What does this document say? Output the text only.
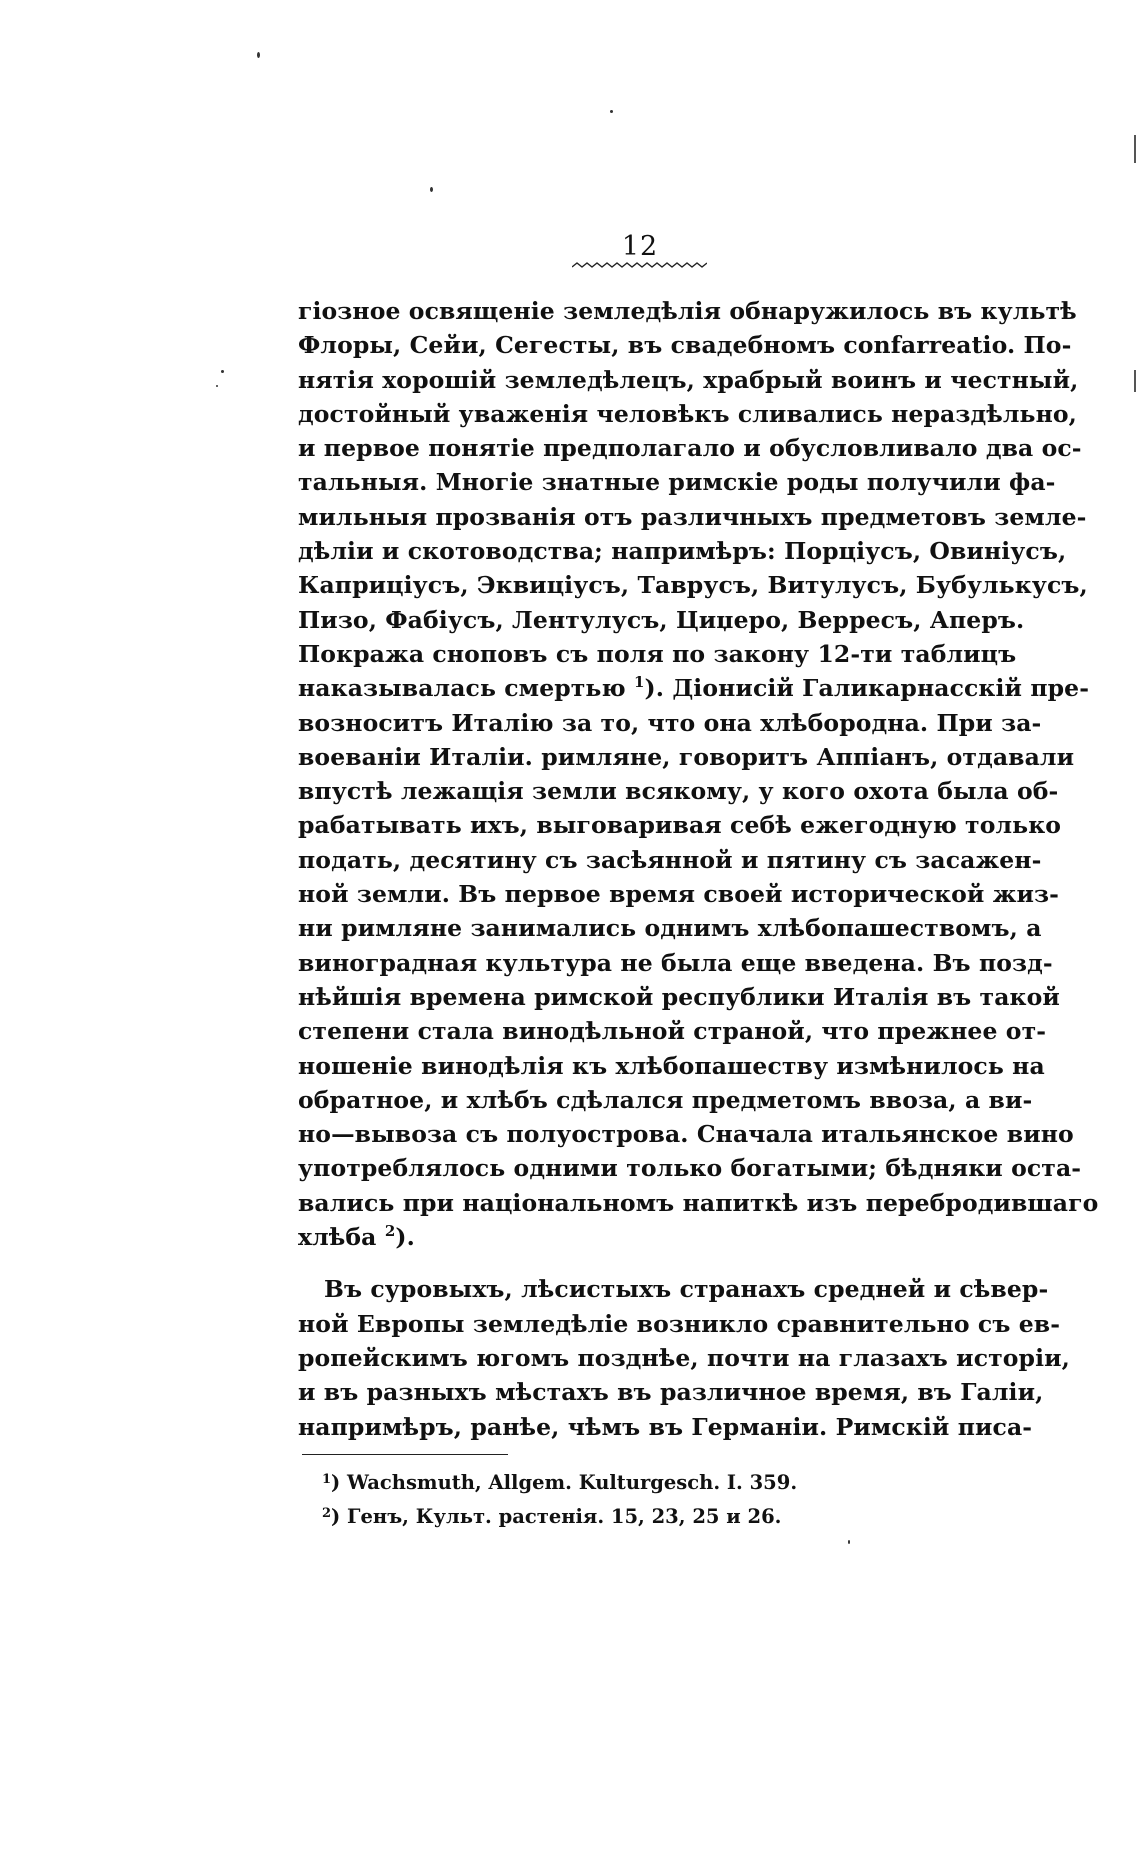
12
гiозное освященiе земледѣлiя обнаружилось въ культѣ
Флоры, Сейи, Сегесты, въ свадебномъ confarreatio. По-
нятiя хорошiй земледѣлецъ, храбрый воинъ и честный,
достойный уваженiя человѣкъ сливались нераздѣльно,
и первое понятiе предполагало и обусловливало два ос-
тальныя. Многiе знатные римскiе роды получили фа-
мильныя прозванiя отъ различныхъ предметовъ земле-
дѣлiи и скотоводства; напримѣръ: Порцiусъ, Овинiусъ,
Каприцiусъ, Эквицiусъ, Таврусъ, Витулусъ, Бубулькусъ,
Пизо, Фабiусъ, Лентулусъ, Циџеро, Верресъ, Аперъ.
Покража сноповъ съ поля по закону 12-ти таблицъ
наказывалась смертью $^1$). Дiонисiй Галикарнасскiй пре-
возноситъ Италiю за то, что она хлѣбородна. При за-
воеванiи Италiи. римляне, говоритъ Аппiанъ, отдавали
впустѣ лежащiя земли всякому, у кого охота была об-
рабатывать ихъ, выговаривая себѣ ежегодную только
подать, десятину съ засѣянной и пятину съ засажен-
ной земли. Въ первое время своей исторической жиз-
ни римляне занимались однимъ хлѣбопашествомъ, а
виноградная культура не была еще введена. Въ позд-
нѣйшiя времена римской республики Италiя въ такой
степени стала винодѣльной страной, что прежнее от-
ношенiе винодѣлiя къ хлѣбопашеству измѣнилось на
обратное, и хлѣбъ сдѣлался предметомъ ввоза, а ви-
но—вывоза съ полуострова. Сначала итальянское вино
употреблялось одними только богатыми; бѣдняки оста-
вались при нацiональномъ напиткѣ изъ перебродившаго
хлѣба $^2$).
Въ суровыхъ, лѣсистыхъ странахъ средней и сѣвер-
ной Европы земледѣлiе возникло сравнительно съ ев-
ропейскимъ югомъ позднѣе, почти на глазахъ исторiи,
и въ разныхъ мѣстахъ въ различное время, въ Галiи,
напримѣръ, ранѣе, чѣмъ въ Германiи. Римскiй писа-
$^1$) Wachsmuth, Allgem. Kulturgesch. I. 359.
$^2$) Генъ, Культ. растенiя. 15, 23, 25 и 26.
